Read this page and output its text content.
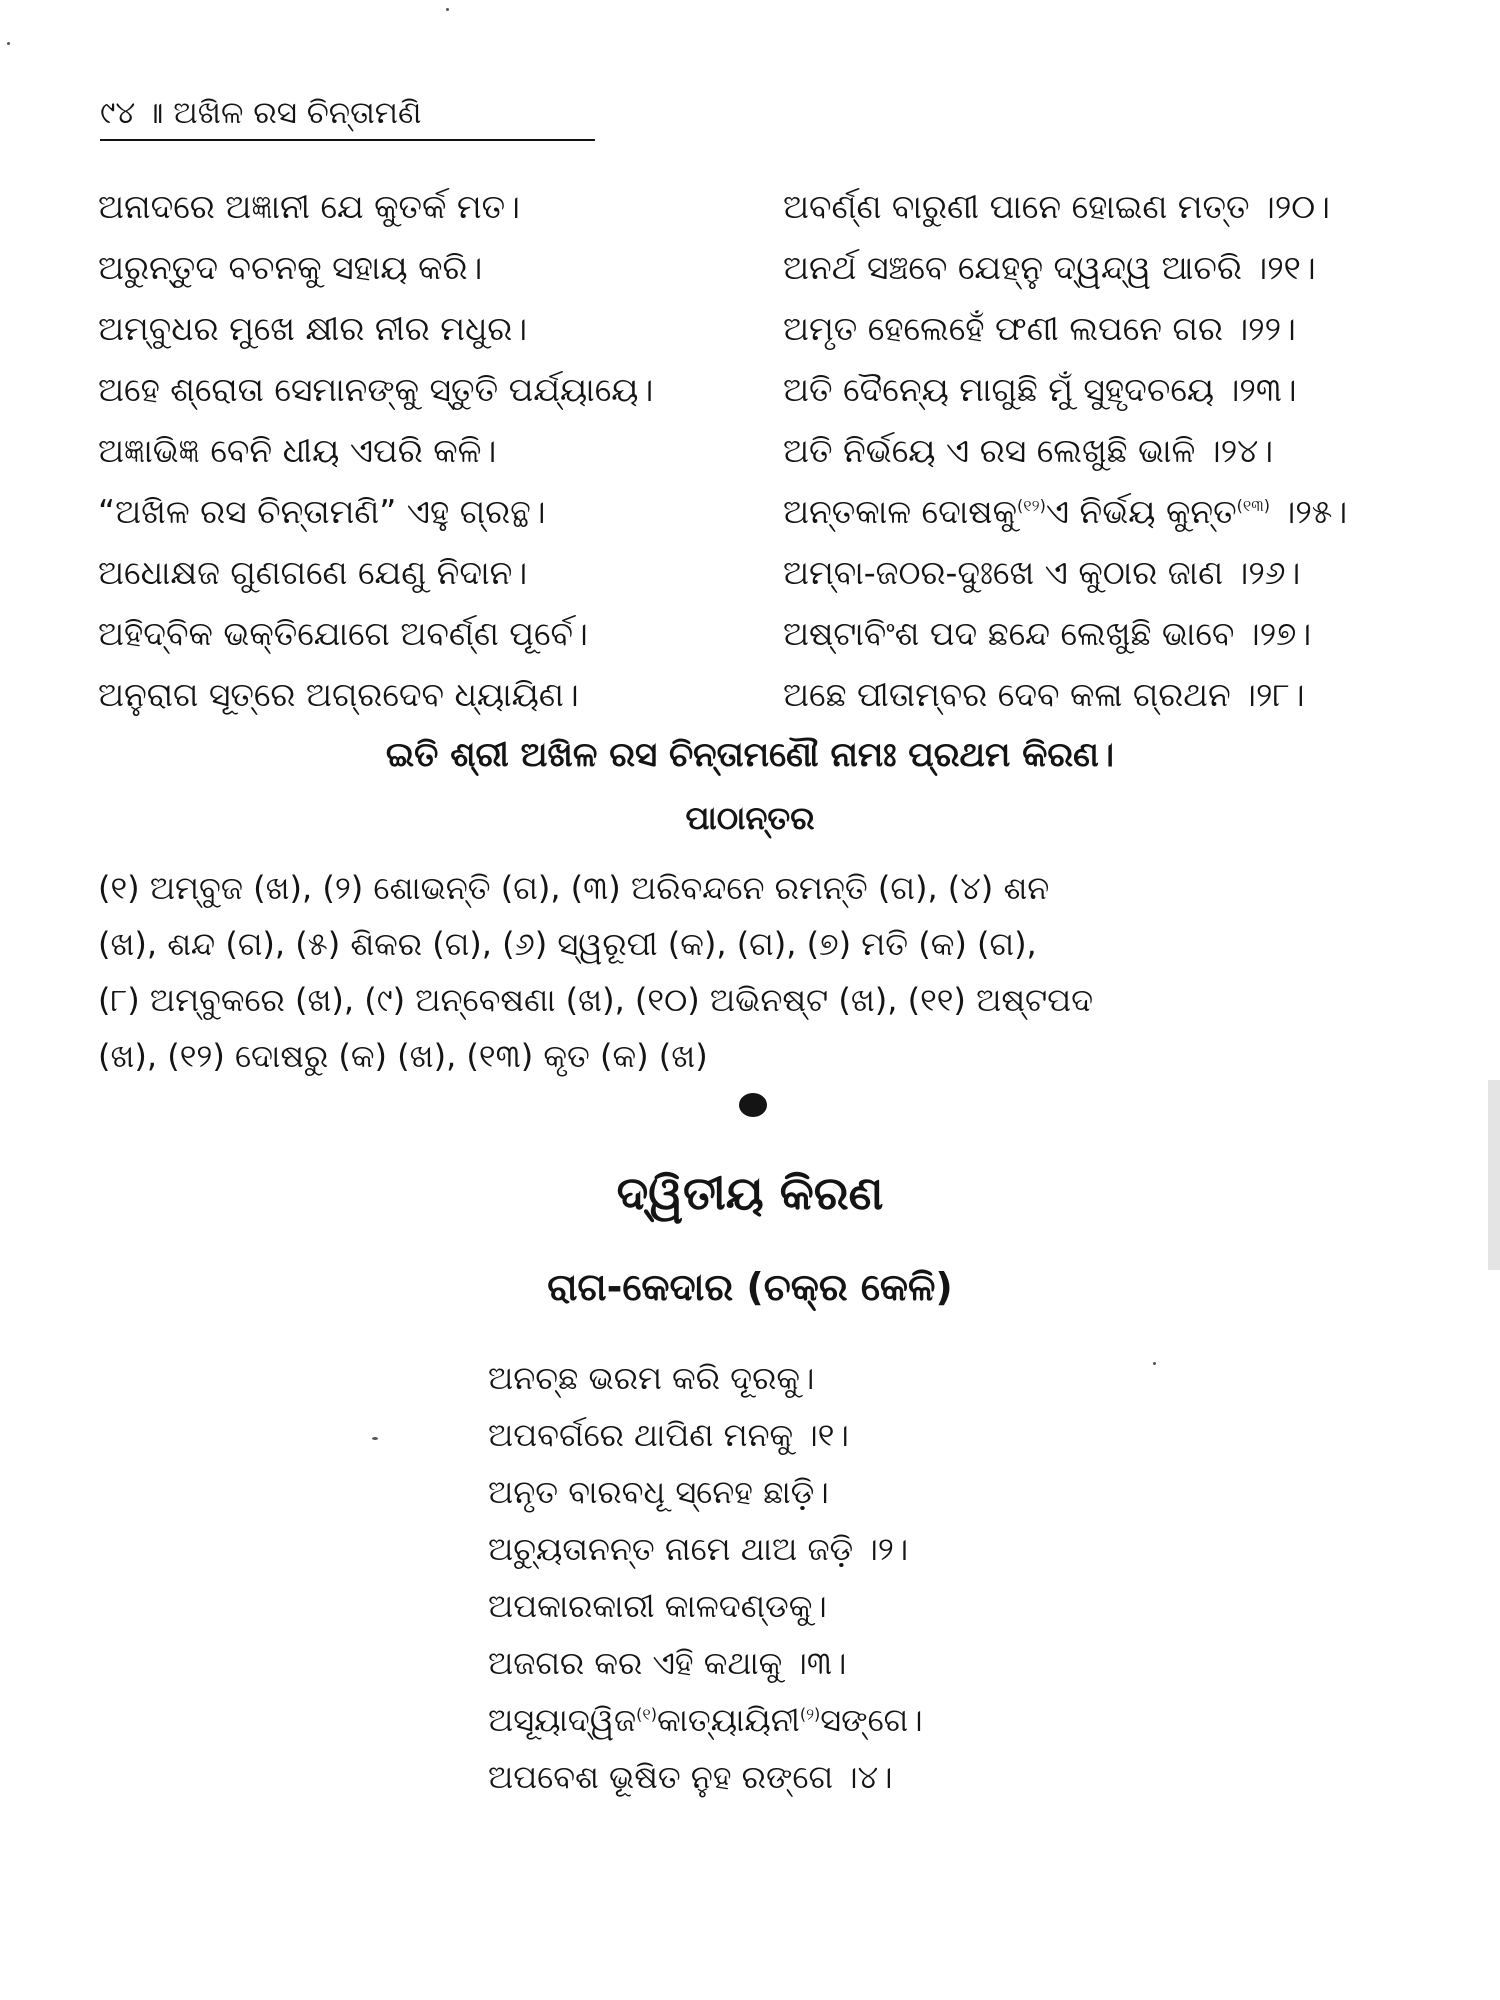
୯୪ ॥ ଅଖିଳ ରସ ଚିନ୍ତାମଣି
ଅନାଦରେ ଅଜ୍ଞାନୀ ଯେ କୁତର୍କ ମତ।
ଅରୁନ୍ତୁଦ ବଚନକୁ ସହାୟ କରି।
ଅମ୍ବୁଧର ମୁଖେ କ୍ଷୀର ନୀର ମଧୁର।
ଅହେ ଶ୍ରୋତା ସେମାନଙ୍କୁ ସ୍ତୁତି ପର୍ଯ୍ୟାୟେ।
ଅଜ୍ଞାଭିଜ୍ଞ ବେନି ଧୀୟ ଏପରି କଳି।
“ଅଖିଳ ରସ ଚିନ୍ତାମଣି” ଏହୁ ଗ୍ରନ୍ଥ।
ଅଧୋକ୍ଷଜ ଗୁଣଗଣେ ଯେଣୁ ନିଦାନ।
ଅହିଦ୍ବିକ ଭକ୍ତିଯୋଗେ ଅବର୍ଣ୍ଣ ପୂର୍ବେ।
ଅନୁରାଗ ସୂତ୍ରେ ଅଗ୍ରଦେବ ଧ୍ୟାୟିଣ।
ଅବର୍ଣ୍ଣ ବାରୁଣୀ ପାନେ ହୋଇଣ ମତ୍ତ ।୨୦।
ଅନର୍ଥ ସଞ୍ଚବେ ଯେହ୍ନୁ ଦ୍ୱନ୍ଦ୍ୱ ଆଚରି ।୨୧।
ଅମୃତ ହେଲେହେଁ ଫଣୀ ଲପନେ ଗର ।୨୨।
ଅତି ଦୈନ୍ୟେ ମାଗୁଛି ମୁଁ ସୁହୃଦଚୟେ ।୨୩।
ଅତି ନିର୍ଭୟେ ଏ ରସ ଲେଖୁଛି ଭାଳି ।୨୪।
ଅନ୍ତକାଳ ଦୋଷକୁ$^{(୧୨)}$ଏ ନିର୍ଭୟ କୁନ୍ତ$^{(୧୩)}$ ।୨୫।
ଅମ୍ବା-ଜଠର-ଦୁଃଖେ ଏ କୁଠାର ଜାଣ ।୨୬।
ଅଷ୍ଟାବିଂଶ ପଦ ଛନ୍ଦେ ଲେଖୁଛି ଭାବେ ।୨୭।
ଅଛେ ପୀତାମ୍ବର ଦେବ କଳା ଗ୍ରଥନ ।୨୮।
ଇତି ଶ୍ରୀ ଅଖିଳ ରସ ଚିନ୍ତାମଣୌ ନାମଃ ପ୍ରଥମ କିରଣ।
ପାଠାନ୍ତର
(୧) ଅମ୍ବୁଜ (ଖ), (୨) ଶୋଭନ୍ତି (ଗ), (୩) ଅରିବନ୍ଦନେ ରମନ୍ତି (ଗ), (୪) ଶନ
(ଖ), ଶନ୍ଦ (ଗ), (୫) ଶିକର (ଗ), (୬) ସ୍ୱରୂପୀ (କ), (ଗ), (୭) ମତି (କ) (ଗ),
(୮) ଅମ୍ବୁକରେ (ଖ), (୯) ଅନ୍ବେଷଣା (ଖ), (୧୦) ଅଭିନଷ୍ଟ (ଖ), (୧୧) ଅଷ୍ଟପଦ
(ଖ), (୧୨) ଦୋଷରୁ (କ) (ଖ), (୧୩) କୃତ (କ) (ଖ)
ଦ୍ୱିତୀୟ କିରଣ
ରାଗ-କେଦାର (ଚକ୍ର କେଳି)
ଅନଚ୍ଛ ଭରମ କରି ଦୂରକୁ।
ଅପବର୍ଗରେ ଥାପିଣ ମନକୁ ।୧।
ଅନୃତ ବାରବଧୂ ସ୍ନେହ ଛାଡ଼ି।
ଅଚ୍ୟୁତାନନ୍ତ ନାମେ ଥାଅ ଜଡ଼ି ।୨।
ଅପକାରକାରୀ କାଳଦଣ୍ଡକୁ।
ଅଜଗର କର ଏହି କଥାକୁ ।୩।
ଅସୂୟାଦ୍ୱିଜ$^{(୧)}$କାତ୍ୟାୟିନୀ$^{(୨)}$ସଙ୍ଗେ।
ଅପବେଶ ଭୂଷିତ ନୁହ ରଙ୍ଗେ ।୪।
